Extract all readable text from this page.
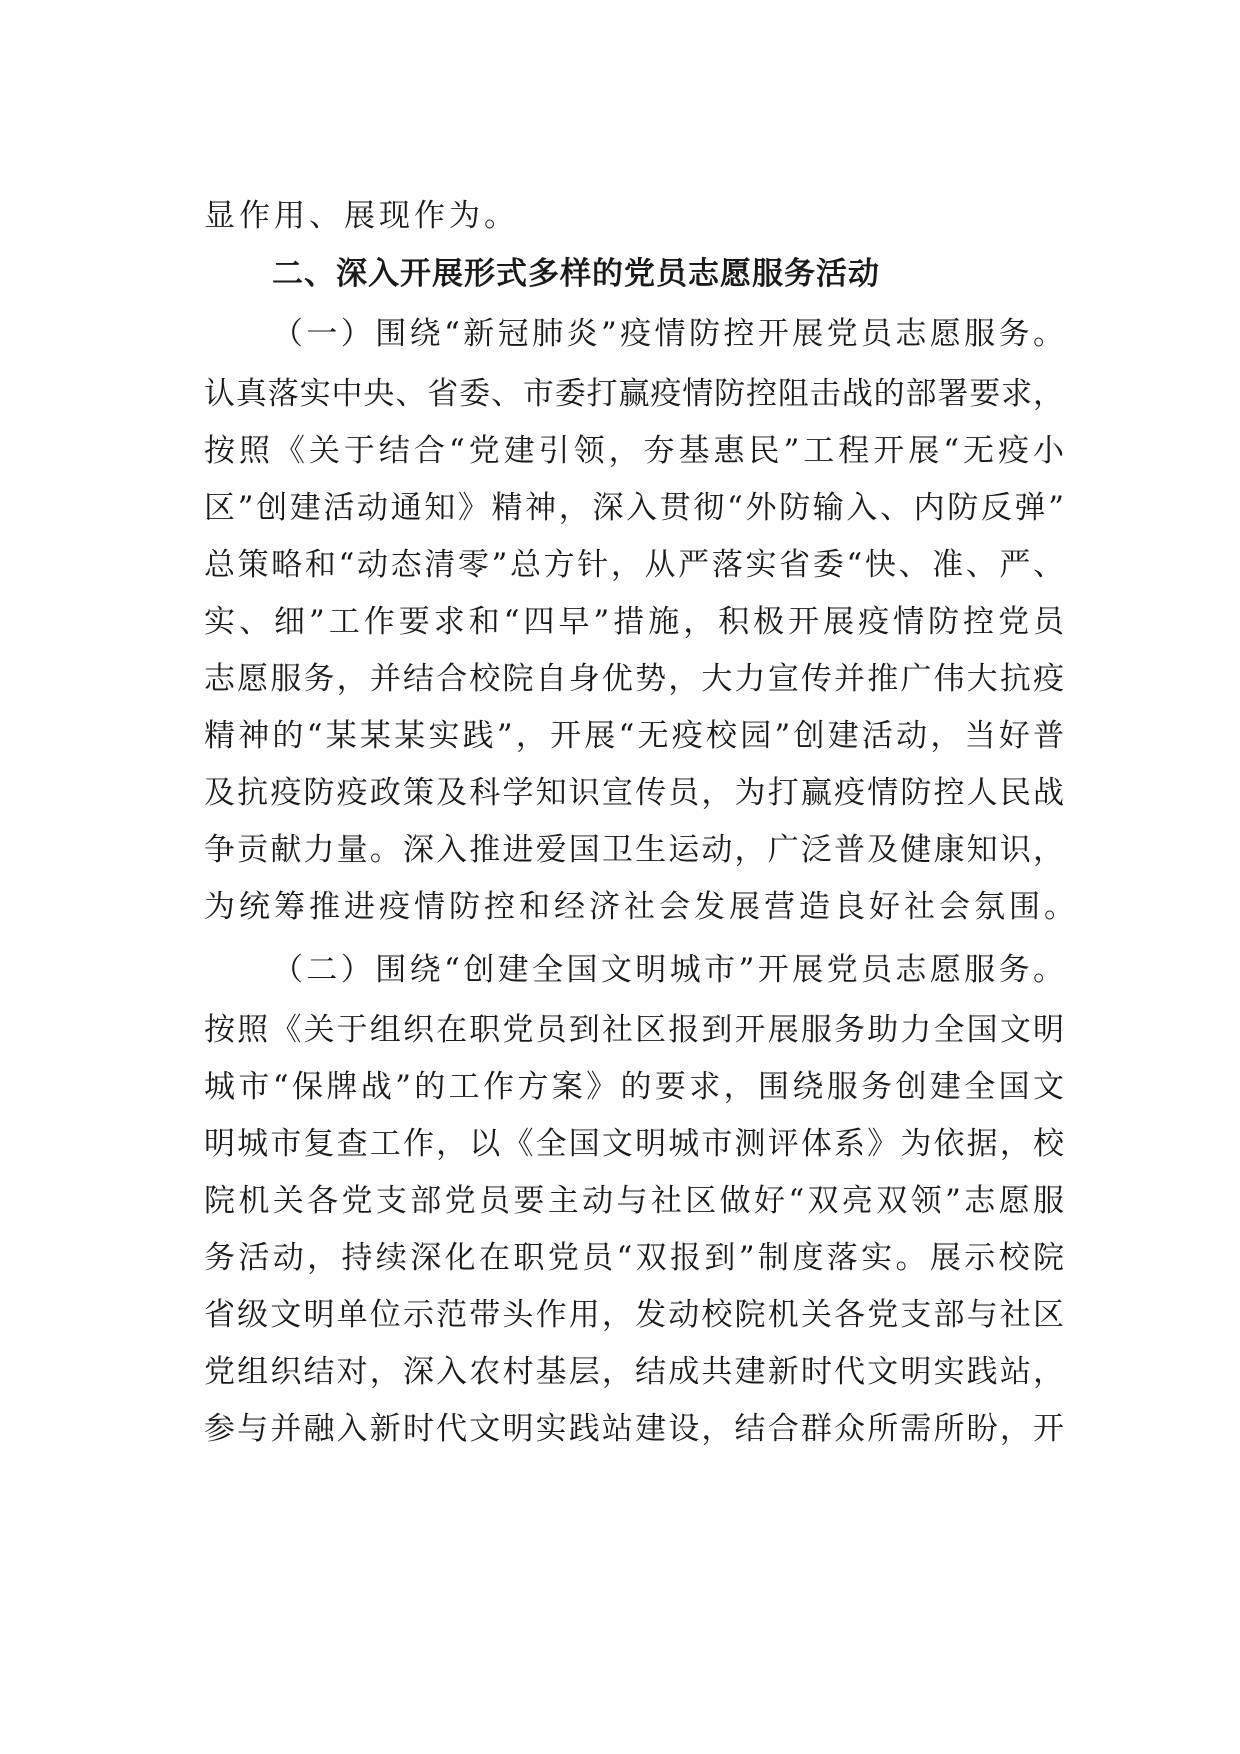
显作用、展现作为。
二、深入开展形式多样的党员志愿服务活动
（一）围绕“新冠肺炎”疫情防控开展党员志愿服务。
认真落实中央、省委、市委打赢疫情防控阻击战的部署要求，
按照《关于结合“党建引领，夯基惠民”工程开展“无疫小
区”创建活动通知》精神，深入贯彻“外防输入、内防反弹”
总策略和“动态清零”总方针，从严落实省委“快、准、严、
实、细”工作要求和“四早”措施，积极开展疫情防控党员
志愿服务，并结合校院自身优势，大力宣传并推广伟大抗疫
精神的“某某某实践”，开展“无疫校园”创建活动，当好普
及抗疫防疫政策及科学知识宣传员，为打赢疫情防控人民战
争贡献力量。深入推进爱国卫生运动，广泛普及健康知识，
为统筹推进疫情防控和经济社会发展营造良好社会氛围。
（二）围绕“创建全国文明城市”开展党员志愿服务。
按照《关于组织在职党员到社区报到开展服务助力全国文明
城市“保牌战”的工作方案》的要求，围绕服务创建全国文
明城市复查工作，以《全国文明城市测评体系》为依据，校
院机关各党支部党员要主动与社区做好“双亮双领”志愿服
务活动，持续深化在职党员“双报到”制度落实。展示校院
省级文明单位示范带头作用，发动校院机关各党支部与社区
党组织结对，深入农村基层，结成共建新时代文明实践站，
参与并融入新时代文明实践站建设，结合群众所需所盼，开
